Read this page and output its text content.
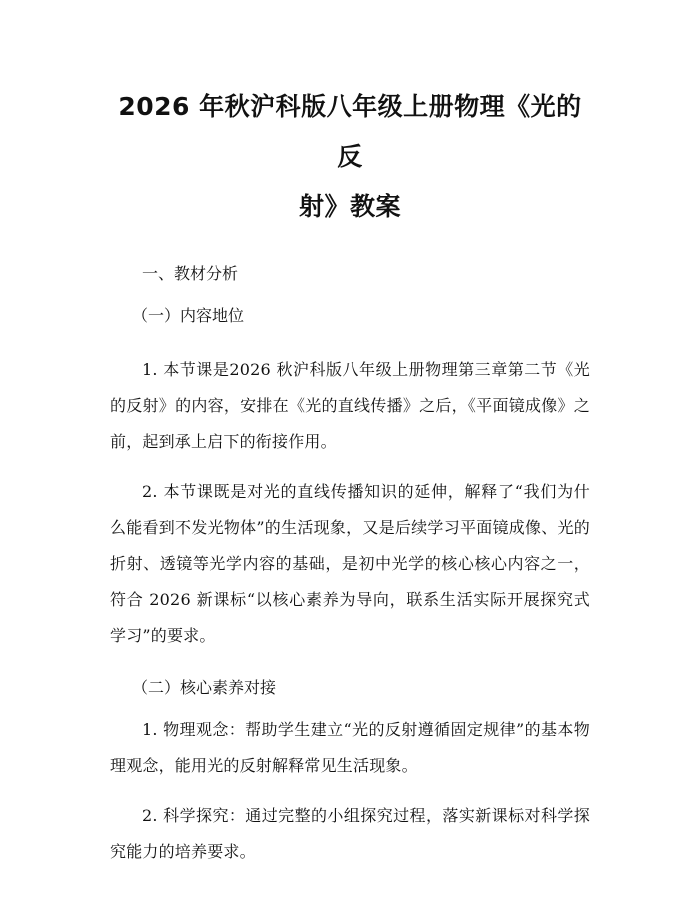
2026 年秋沪科版八年级上册物理《光的反
射》教案
一、教材分析
（一）内容地位

1. 本节课是2026 秋沪科版八年级上册物理第三章第二节《光的反射》的内容，安排在《光的直线传播》之后，《平面镜成像》之前，起到承上启下的衔接作用。

2. 本节课既是对光的直线传播知识的延伸，解释了“我们为什么能看到不发光物体”的生活现象，又是后续学习平面镜成像、光的折射、透镜等光学内容的基础，是初中光学的核心核心内容之一，符合 2026 新课标“以核心素养为导向，联系生活实际开展探究式学习”的要求。

（二）核心素养对接

1. 物理观念：帮助学生建立“光的反射遵循固定规律”的基本物理观念，能用光的反射解释常见生活现象。

2. 科学探究：通过完整的小组探究过程，落实新课标对科学探究能力的培养要求。
